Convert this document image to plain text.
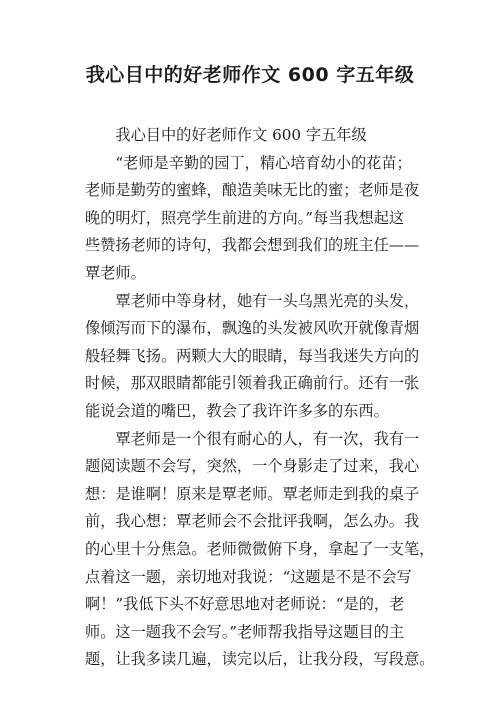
我心目中的好老师作文 600 字五年级
　　我心目中的好老师作文 600 字五年级
　　“老师是辛勤的园丁，精心培育幼小的花苗；
老师是勤劳的蜜蜂，酿造美味无比的蜜；老师是夜
晚的明灯，照亮学生前进的方向。”每当我想起这
些赞扬老师的诗句，我都会想到我们的班主任——
覃老师。
　　覃老师中等身材，她有一头乌黑光亮的头发，
像倾泻而下的瀑布，飘逸的头发被风吹开就像青烟
般轻舞飞扬。两颗大大的眼睛，每当我迷失方向的
时候，那双眼睛都能引领着我正确前行。还有一张
能说会道的嘴巴，教会了我许许多多的东西。
　　覃老师是一个很有耐心的人，有一次，我有一
题阅读题不会写，突然，一个身影走了过来，我心
想：是谁啊！原来是覃老师。覃老师走到我的桌子
前，我心想：覃老师会不会批评我啊，怎么办。我
的心里十分焦急。老师微微俯下身，拿起了一支笔，
点着这一题，亲切地对我说：“这题是不是不会写
啊！”我低下头不好意思地对老师说：“是的，老
师。这一题我不会写。”老师帮我指导这题目的主
题，让我多读几遍，读完以后，让我分段，写段意。
